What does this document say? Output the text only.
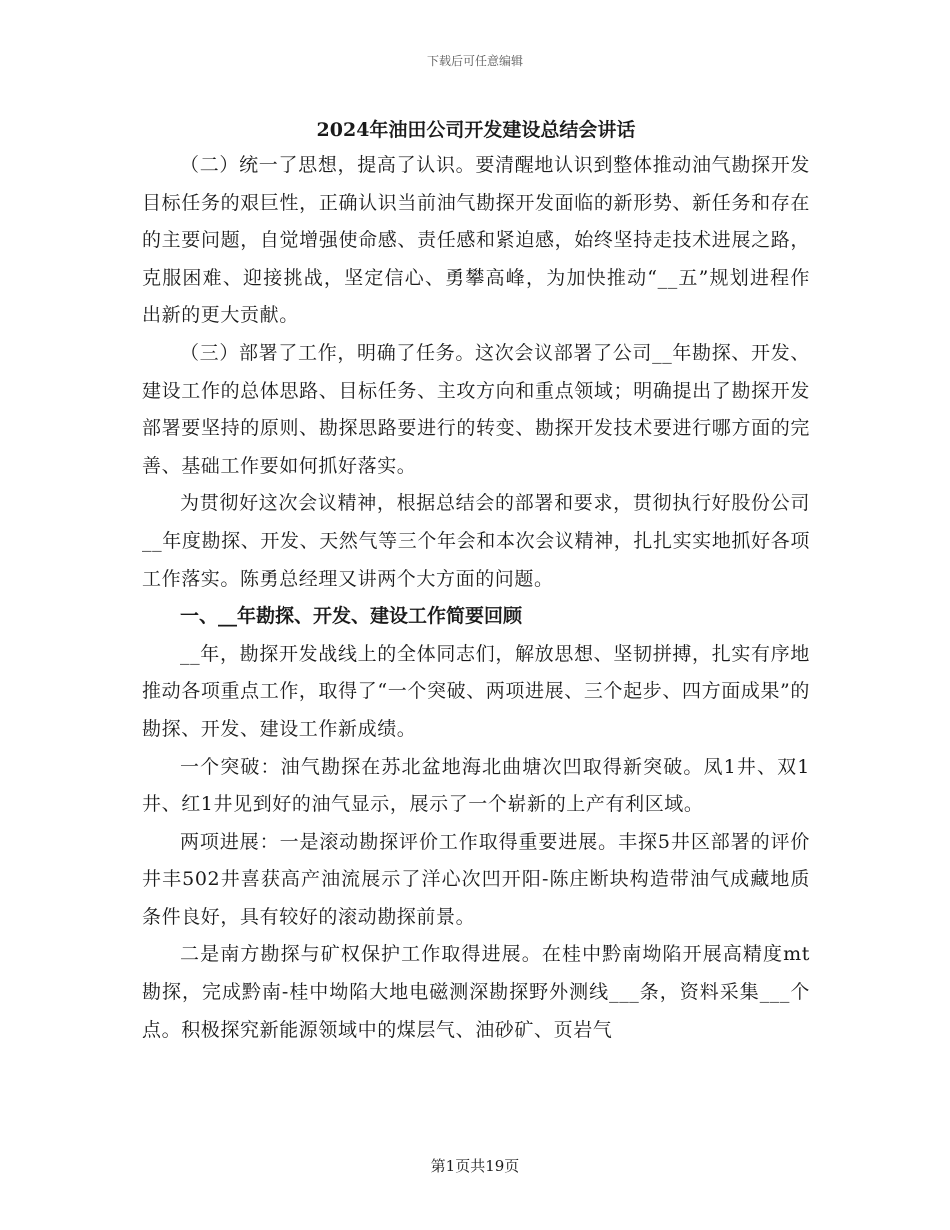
下载后可任意编辑
2024年油田公司开发建设总结会讲话

（二）统一了思想，提高了认识。要清醒地认识到整体推动油气勘探开发目标任务的艰巨性，正确认识当前油气勘探开发面临的新形势、新任务和存在的主要问题，自觉增强使命感、责任感和紧迫感，始终坚持走技术进展之路，克服困难、迎接挑战，坚定信心、勇攀高峰，为加快推动“__五”规划进程作出新的更大贡献。

（三）部署了工作，明确了任务。这次会议部署了公司__年勘探、开发、建设工作的总体思路、目标任务、主攻方向和重点领域；明确提出了勘探开发部署要坚持的原则、勘探思路要进行的转变、勘探开发技术要进行哪方面的完善、基础工作要如何抓好落实。

为贯彻好这次会议精神，根据总结会的部署和要求，贯彻执行好股份公司__年度勘探、开发、天然气等三个年会和本次会议精神，扎扎实实地抓好各项工作落实。陈勇总经理又讲两个大方面的问题。

一、__年勘探、开发、建设工作简要回顾

__年，勘探开发战线上的全体同志们，解放思想、坚韧拼搏，扎实有序地推动各项重点工作，取得了“一个突破、两项进展、三个起步、四方面成果”的勘探、开发、建设工作新成绩。

一个突破：油气勘探在苏北盆地海北曲塘次凹取得新突破。凤1井、双1井、红1井见到好的油气显示，展示了一个崭新的上产有利区域。

两项进展：一是滚动勘探评价工作取得重要进展。丰探5井区部署的评价井丰502井喜获高产油流展示了洋心次凹开阳-陈庄断块构造带油气成藏地质条件良好，具有较好的滚动勘探前景。

二是南方勘探与矿权保护工作取得进展。在桂中黔南坳陷开展高精度mt勘探，完成黔南-桂中坳陷大地电磁测深勘探野外测线___条，资料采集___个点。积极探究新能源领域中的煤层气、油砂矿、页岩气

第1页共19页
